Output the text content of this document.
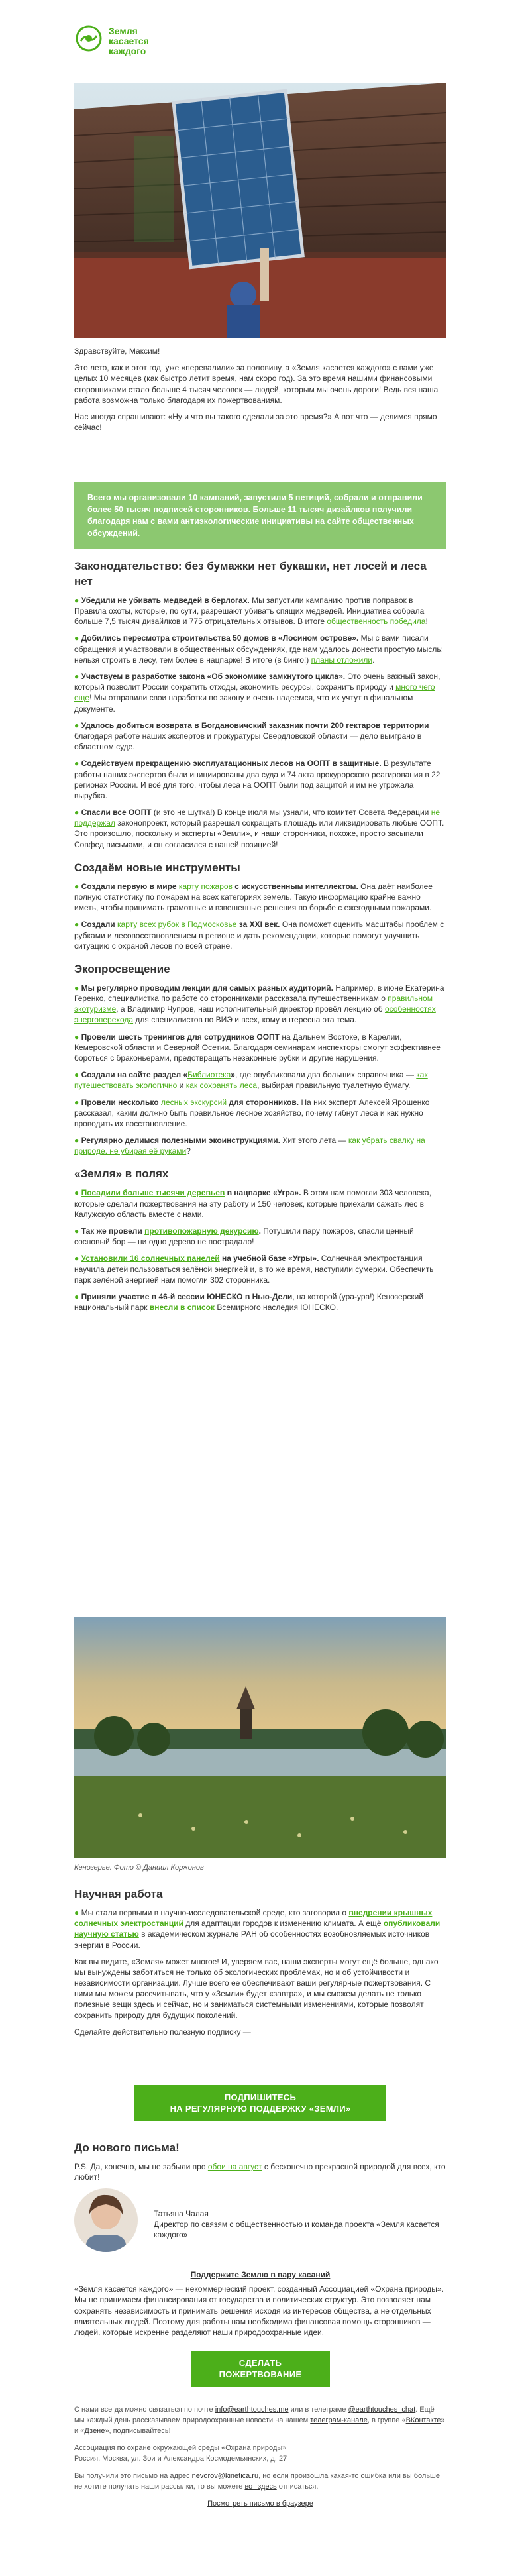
Земля
касается
каждого

Здравствуйте, Максим!

Это лето, как и этот год, уже «перевалили» за половину, а «Земля касается каждого» с вами уже целых 10 месяцев (как быстро летит время, нам скоро год). За это время нашими финансовыми сторонниками стало больше 4 тысяч человек — людей, которым мы очень дороги! Ведь вся наша работа возможна только благодаря их пожертвованиям.

Нас иногда спрашивают: «Ну и что вы такого сделали за это время?» А вот что — делимся прямо сейчас!

Всего мы организовали 10 кампаний, запустили 5 петиций, собрали и отправили более 50 тысяч подписей сторонников. Больше 11 тысяч дизайлков получили благодаря нам с вами антиэкологические инициативы на сайте общественных обсуждений.
Законодательство: без бумажки нет букашки, нет лосей и леса нет
● Убедили не убивать медведей в берлогах. Мы запустили кампанию против поправок в Правила охоты, которые, по сути, разрешают убивать спящих медведей. Инициатива собрала больше 7,5 тысяч дизайлков и 775 отрицательных отзывов. В итоге общественность победила!
● Добились пересмотра строительства 50 домов в «Лосином острове». Мы с вами писали обращения и участвовали в общественных обсуждениях, где нам удалось донести простую мысль: нельзя строить в лесу, тем более в нацпарке! В итоге (в бинго!) планы отложили.
● Участвуем в разработке закона «Об экономике замкнутого цикла». Это очень важный закон, который позволит России сократить отходы, экономить ресурсы, сохранить природу и много чего еще! Мы отправили свои наработки по закону и очень надеемся, что их учтут в финальном документе.
● Удалось добиться возврата в Богдановичский заказник почти 200 гектаров территории благодаря работе наших экспертов и прокуратуры Свердловской области — дело выиграно в областном суде.
● Содействуем прекращению эксплуатационных лесов на ООПТ в защитные. В результате работы наших экспертов были инициированы два суда и 74 акта прокурорского реагирования в 22 регионах России. И всё для того, чтобы леса на ООПТ были под защитой и им не угрожала вырубка.
● Спасли все ООПТ (и это не шутка!) В конце июля мы узнали, что комитет Совета Федерации не поддержал законопроект, который разрешал сокращать площадь или ликвидировать любые ООПТ. Это произошло, поскольку и эксперты «Земли», и наши сторонники, похоже, просто засыпали Совфед письмами, и он согласился с нашей позицией!
Создаём новые инструменты
● Создали первую в мире карту пожаров с искусственным интеллектом. Она даёт наиболее полную статистику по пожарам на всех категориях земель. Такую информацию крайне важно иметь, чтобы принимать грамотные и взвешенные решения по борьбе с ежегодными пожарами.
● Создали карту всех рубок в Подмосковье за XXI век. Она поможет оценить масштабы проблем с рубками и лесовосстановлением в регионе и дать рекомендации, которые помогут улучшить ситуацию с охраной лесов по всей стране.
Экопросвещение
● Мы регулярно проводим лекции для самых разных аудиторий. Например, в июне Екатерина Геренко, специалистка по работе со сторонниками рассказала путешественникам о правильном экотуризме, а Владимир Чупров, наш исполнительный директор провёл лекцию об особенностях энергоперехода для специалистов по ВИЭ и всех, кому интересна эта тема.
● Провели шесть тренингов для сотрудников ООПТ на Дальнем Востоке, в Карелии, Кемеровской области и Северной Осетии. Благодаря семинарам инспекторы смогут эффективнее бороться с браконьерами, предотвращать незаконные рубки и другие нарушения.
● Создали на сайте раздел «Библиотека», где опубликовали два больших справочника — как путешествовать экологично и как сохранять леса, выбирая правильную туалетную бумагу.
● Провели несколько лесных экскурсий для сторонников. На них эксперт Алексей Ярошенко рассказал, каким должно быть правильное лесное хозяйство, почему гибнут леса и как нужно проводить их восстановление.
● Регулярно делимся полезными экоинструкциями. Хит этого лета — как убрать свалку на природе, не убирая её руками?
«Земля» в полях
● Посадили больше тысячи деревьев в нацпарке «Угра». В этом нам помогли 303 человека, которые сделали пожертвования на эту работу и 150 человек, которые приехали сажать лес в Калужскую область вместе с нами.
● Так же провели противопожарную декурсию. Потушили пару пожаров, спасли ценный сосновый бор — ни одно дерево не пострадало!
● Установили 16 солнечных панелей на учебной базе «Угры». Солнечная электростанция научила детей пользоваться зелёной энергией и, в то же время, наступили сумерки. Обеспечить парк зелёной энергией нам помогли 302 сторонника.
● Приняли участие в 46-й сессии ЮНЕСКО в Нью-Дели, на которой (ура-ура!) Кенозерский национальный парк внесли в список Всемирного наследия ЮНЕСКО.
Кенозерье. Фото © Даниил Коржонов
Научная работа
● Мы стали первыми в научно-исследовательской среде, кто заговорил о внедрении крышных солнечных электростанций для адаптации городов к изменению климата. А ещё опубликовали научную статью в академическом журнале РАН об особенностях возобновляемых источников энергии в России.

Как вы видите, «Земля» может многое! И, уверяем вас, наши эксперты могут ещё больше, однако мы вынуждены заботиться не только об экологических проблемах, но и об устойчивости и независимости организации. Лучше всего ее обеспечивают ваши регулярные пожертвования. С ними мы можем рассчитывать, что у «Земли» будет «завтра», и мы сможем делать не только полезные вещи здесь и сейчас, но и заниматься системными изменениями, которые позволят сохранить природу для будущих поколений.

Сделайте действительно полезную подписку —

ПОДПИШИТЕСЬ
НА РЕГУЛЯРНУЮ ПОДДЕРЖКУ «ЗЕМЛИ»
До нового письма!

P.S. Да, конечно, мы не забыли про обои на август с бесконечно прекрасной природой для всех, кто любит!

Татьяна Чалая
Директор по связям с общественностью и команда проекта «Земля касается каждого»
Поддержите Землю в пару касаний

«Земля касается каждого» — некоммерческий проект, созданный Ассоциацией «Охрана природы». Мы не принимаем финансирования от государства и политических структур. Это позволяет нам сохранять независимость и принимать решения исходя из интересов общества, а не отдельных влиятельных людей. Поэтому для работы нам необходима финансовая помощь сторонников — людей, которые искренне разделяют наши природоохранные идеи.

СДЕЛАТЬ
ПОЖЕРТВОВАНИЕ

С нами всегда можно связаться по почте info@earthtouches.me или в телеграме @earthtouches_chat. Ещё мы каждый день рассказываем природоохранные новости на нашем телеграм-канале, в группе «ВКонтакте» и «Дзене», подписывайтесь!

Ассоциация по охране окружающей среды «Охрана природы»

Россия, Москва, ул. Зои и Александра Космодемьянских, д. 27

Вы получили это письмо на адрес nevorov@kinetica.ru, но если произошла какая-то ошибка или вы больше не хотите получать наши рассылки, то вы можете вот здесь отписаться.

Посмотреть письмо в браузере
